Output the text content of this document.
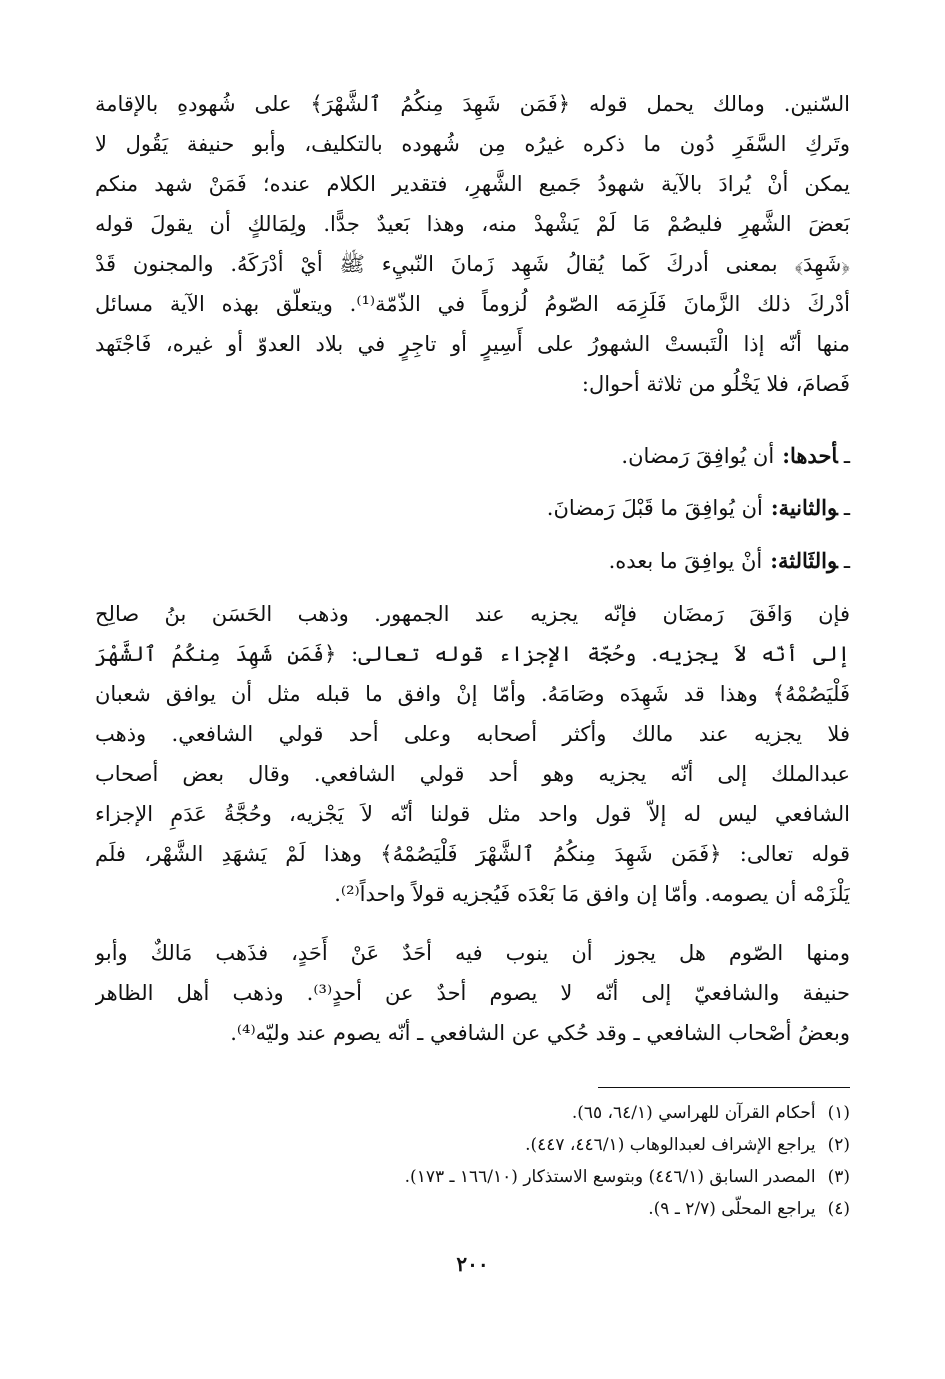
السّنين. ومالك يحمل قوله ﴿فَمَن شَهِدَ مِنكُمُ ٱلشَّهْرَ﴾ على شُهودهِ بالإقامة
وتَركِ السَّفَرِ دُون ما ذكره غيرُه مِن شُهوده بالتكليف، وأبو حنيفة يَقُول لا
يمكن أنْ يُرادَ بالآية شهودُ جَميع الشَّهرِ، فتقدير الكلام عنده؛ فَمَنْ شهد منكم
بَعضَ الشَّهرِ فليصُمْ مَا لَمْ يَشْهدْ منه، وهذا بَعيدٌ جدًّا. ولِمَالكٍ أن يقولَ قوله
﴿شَهِدَ﴾ بمعنى أدركَ كَما يُقالُ شَهِد زَمانَ النّبيِء ﷺ أيْ أدْرَكَهُ. والمجنون قَدْ
أدْركَ ذلك الزَّمانَ فَلَزِمَه الصّومُ لُزوماً في الذّمّة⁽¹⁾. ويتعلّق بهذه الآية مسائل
منها أنّه إذا الْتَبستْ الشهورُ على أَسِيرٍ أو تاجِرٍ في بلاد العدوّ أو غيره، فَاجْتَهد
فَصامَ، فلا يَخْلُو من ثلاثة أحوال:
ـأحدها:أن يُوافِقَ رَمضان.
ـوالثانية:أن يُوافِقَ ما قَبْلَ رَمضانَ.
ـوالثَالثة:أنْ يوافِقَ ما بعده.
فإن وَافَقَ رَمضَان فإنّه يجزيه عند الجمهور. وذهب الحَسَن بنُ صالِح
إلى أنّه لاَ يجزيه. وحُجّة الإجزاء قوله تعالى: ﴿فَمَن شَهِدَ مِنكُمُ ٱلشَّهْرَ
فَلْيَصُمْهُ﴾ وهذا قد شَهِدَه وصَامَهُ. وأمّا إنْ وافق ما قبله مثل أن يوافق شعبان
فلا يجزيه عند مالك وأكثر أصحابه وعلى أحد قولي الشافعي. وذهب
عبدالملك إلى أنّه يجزيه وهو أحد قولي الشافعي. وقال بعض أصحاب
الشافعي ليس له إلاّ قول واحد مثل قولنا أنّه لاَ يَجْزيه، وحُجَّةُ عَدَمِ الإجزاء
قوله تعالى: ﴿فَمَن شَهِدَ مِنكُمُ ٱلشَّهْرَ فَلْيَصُمْهُ﴾ وهذا لَمْ يَشهَدِ الشَّهْر، فلَم
يَلْزَمْه أن يصومه. وأمّا إن وافق مَا بَعْدَه فَيُجزيه قولاً واحداً⁽²⁾.
ومنها الصّوم هل يجوز أن ينوب فيه أحَدٌ عَنْ أَحَدٍ، فذَهب مَالكٌ وأبو
حنيفة والشافعيّ إلى أنّه لا يصوم أحدٌ عن أحدٍ⁽³⁾. وذهب أهل الظاهر
وبعضُ أصْحاب الشافعي ـ وقد حُكي عن الشافعي ـ أنّه يصوم عند وليّه⁽⁴⁾.
(١)أحكام القرآن للهراسي (٦٤/١، ٦٥).
(٢)يراجع الإشراف لعبدالوهاب (٤٤٦/١، ٤٤٧).
(٣)المصدر السابق (٤٤٦/١) وبتوسع الاستذكار (١٦٦/١٠ ـ ١٧٣).
(٤)يراجع المحلّى (٢/٧ ـ ٩).
٢٠٠
